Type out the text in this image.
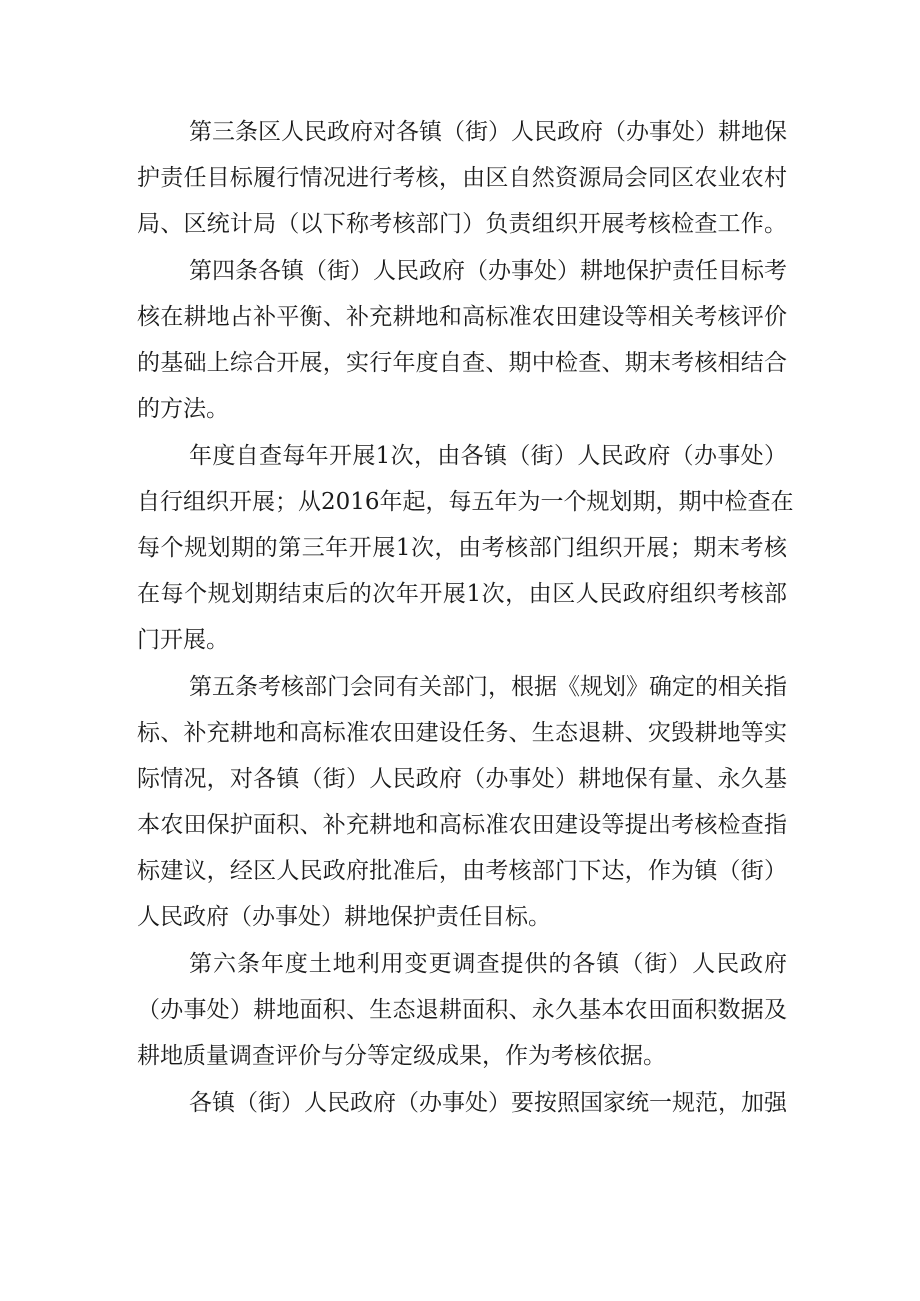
第三条区人民政府对各镇（街）人民政府（办事处）耕地保
护责任目标履行情况进行考核，由区自然资源局会同区农业农村
局、区统计局（以下称考核部门）负责组织开展考核检查工作。
第四条各镇（街）人民政府（办事处）耕地保护责任目标考
核在耕地占补平衡、补充耕地和高标准农田建设等相关考核评价
的基础上综合开展，实行年度自查、期中检查、期末考核相结合
的方法。
年度自查每年开展1次，由各镇（街）人民政府（办事处）
自行组织开展；从2016年起，每五年为一个规划期，期中检查在
每个规划期的第三年开展1次，由考核部门组织开展；期末考核
在每个规划期结束后的次年开展1次，由区人民政府组织考核部
门开展。
第五条考核部门会同有关部门，根据《规划》确定的相关指
标、补充耕地和高标准农田建设任务、生态退耕、灾毁耕地等实
际情况，对各镇（街）人民政府（办事处）耕地保有量、永久基
本农田保护面积、补充耕地和高标准农田建设等提出考核检查指
标建议，经区人民政府批准后，由考核部门下达，作为镇（街）
人民政府（办事处）耕地保护责任目标。
第六条年度土地利用变更调查提供的各镇（街）人民政府
（办事处）耕地面积、生态退耕面积、永久基本农田面积数据及
耕地质量调查评价与分等定级成果，作为考核依据。
各镇（街）人民政府（办事处）要按照国家统一规范，加强
